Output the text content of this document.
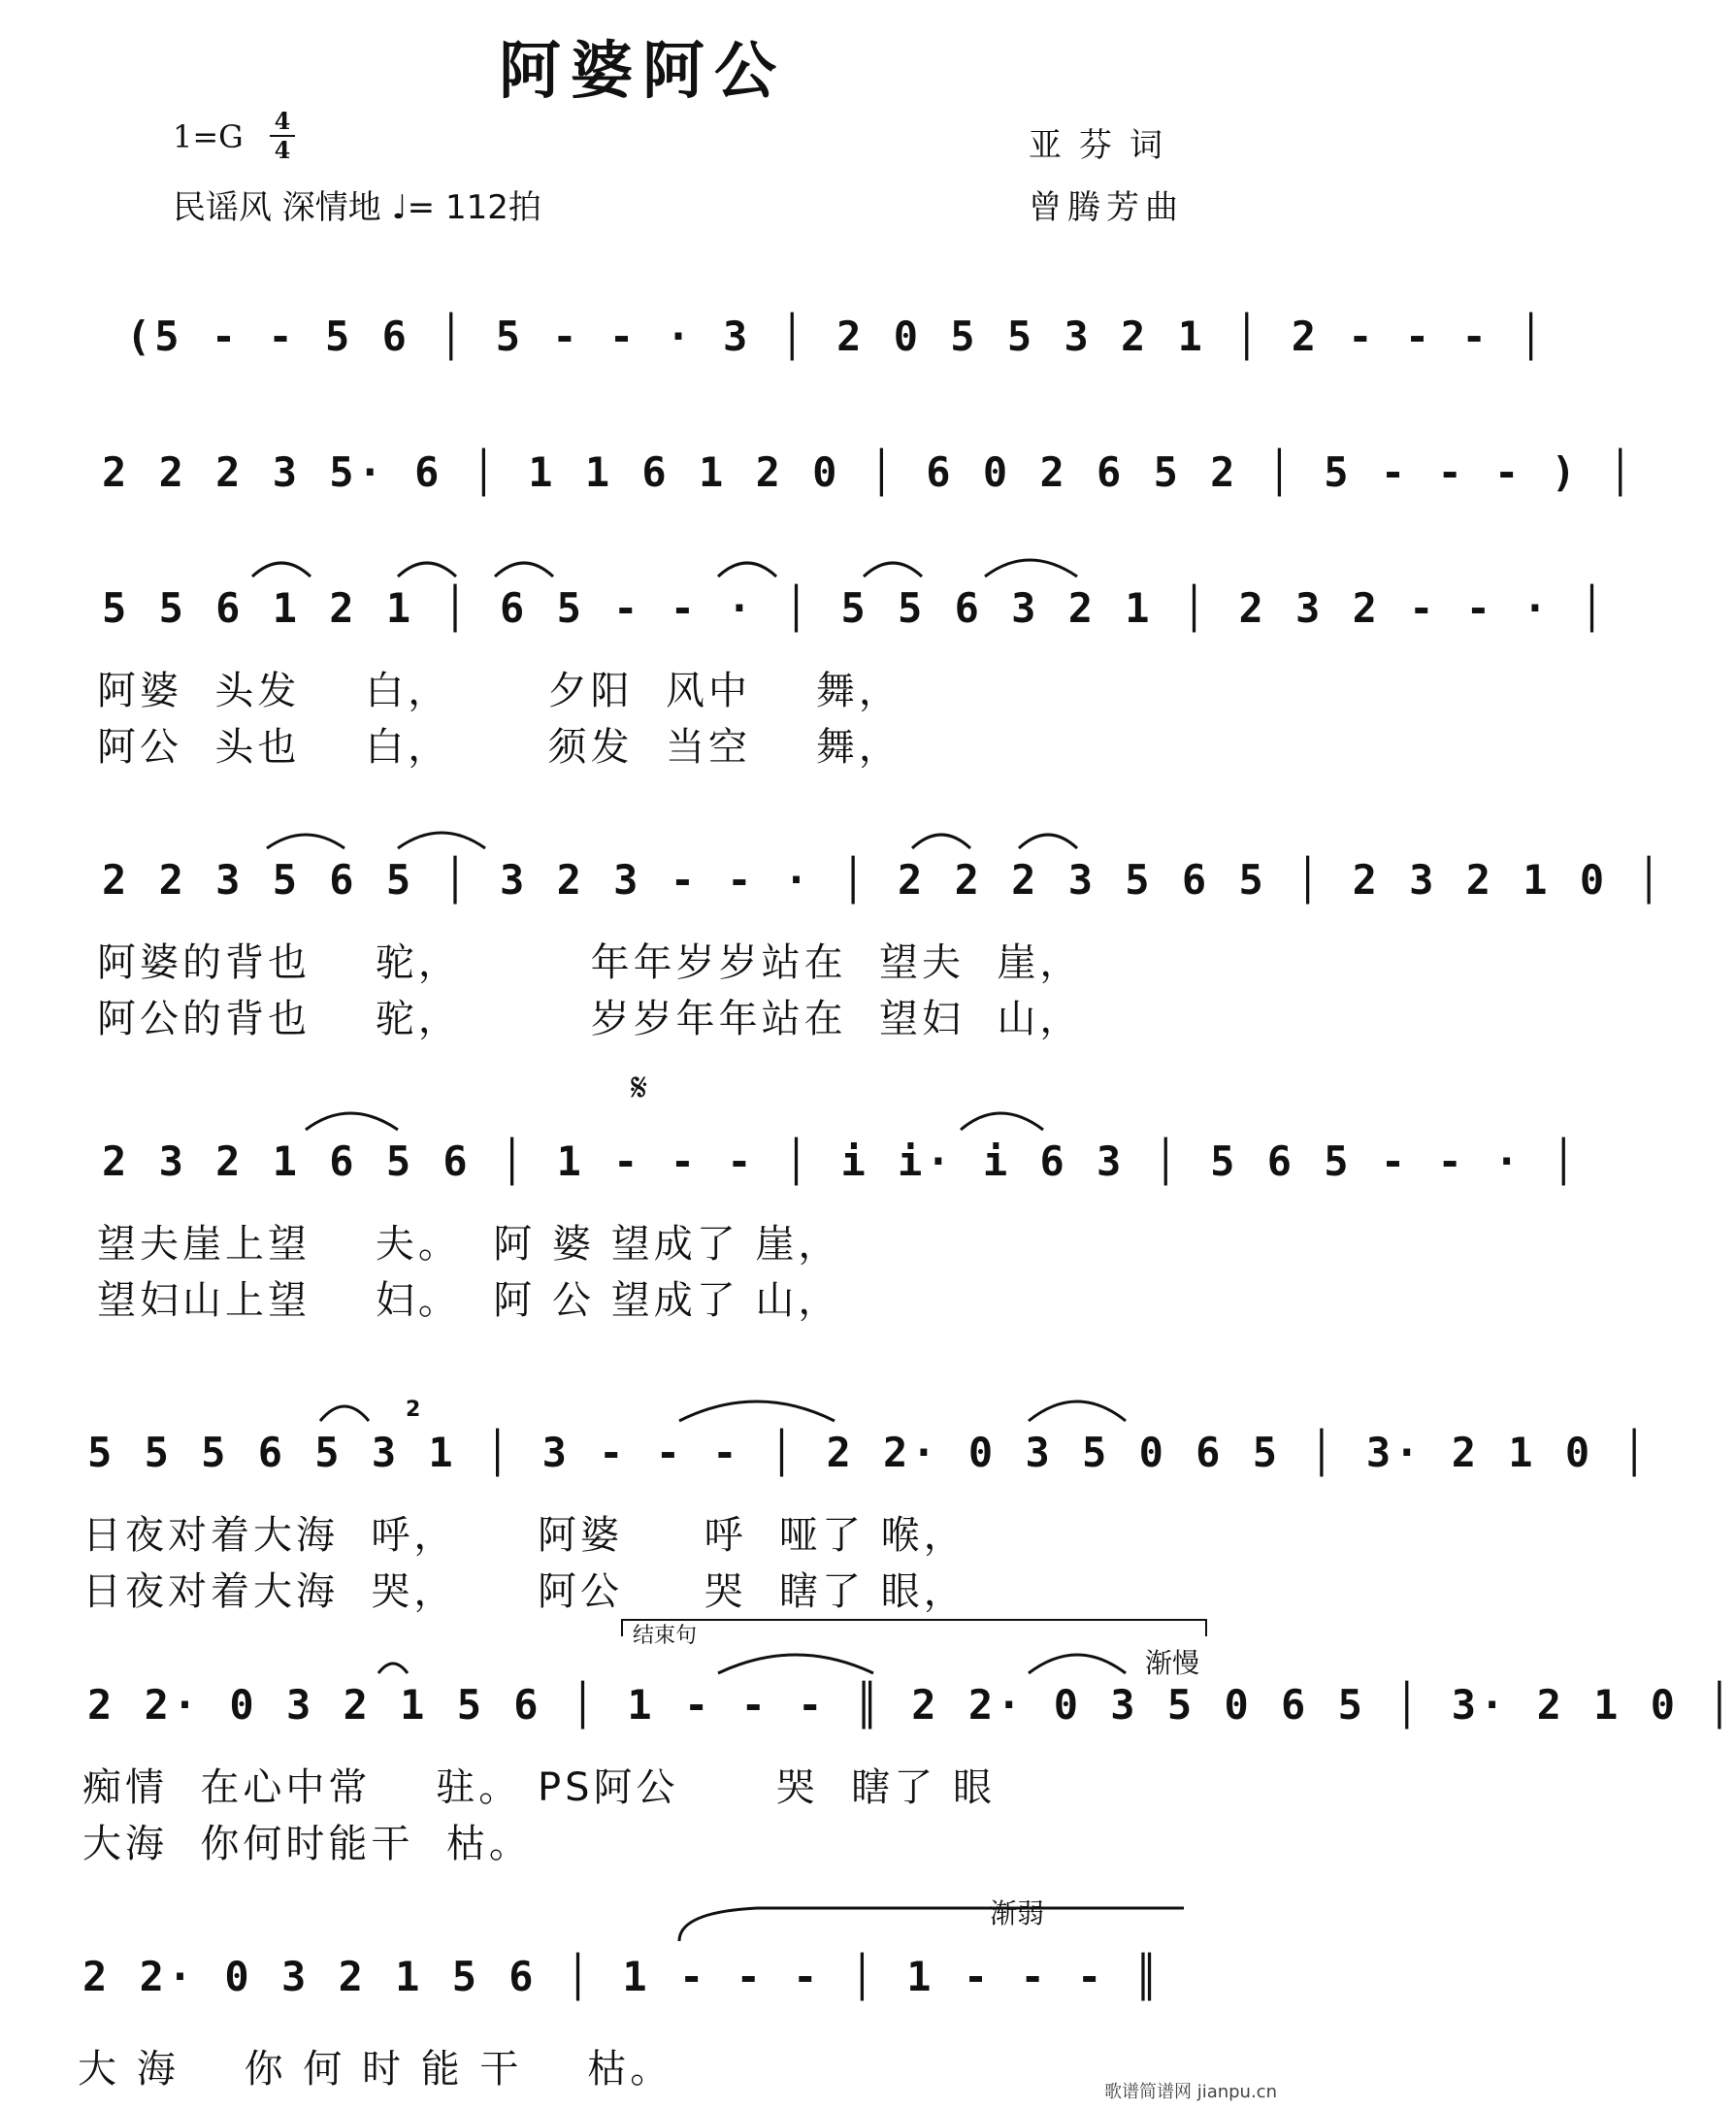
阿婆阿公
1=G 4
4
民谣风 深情地 ♩= 112拍
亚芬词
曾腾芳曲
(5 - - 5 6 │ 5 - - · 3 │ 2 0 5 5 3 2 1 │ 2 - - - │
2 2 2 3 5· 6 │ 1 1 6 1 2 0 │ 6 0 2 6 5 2 │ 5 - - - ) │
5 5 6 1 2 1 │ 6 5 - - · │ 5 5 6 3 2 1 │ 2 3 2 - - · │
阿婆  头发    白，      夕阳  风中    舞，
阿公  头也    白，      须发  当空    舞，
2 2 3 5 6 5 │ 3 2 3 - - · │ 2 2 2 3 5 6 5 │ 2 3 2 1 0 │
阿婆的背也    驼，        年年岁岁站在  望夫  崖，
阿公的背也    驼，        岁岁年年站在  望妇  山，
𝄋
2 3 2 1 6 5 6 │ 1 - - - │ i i· i 6 3 │ 5 6 5 - - · │
望夫崖上望    夫。  阿 婆 望成了 崖，
望妇山上望    妇。  阿 公 望成了 山，
2
5 5 5 6 5 3 1 │ 3 - - - │ 2 2· 0 3 5 0 6 5 │ 3· 2 1 0 │
日夜对着大海  呼，     阿婆     呼  哑了 喉，
日夜对着大海  哭，     阿公     哭  瞎了 眼，
结束句
渐慢
2 2· 0 3 2 1 5 6 │ 1 - - - ║ 2 2· 0 3 5 0 6 5 │ 3· 2 1 0 │
痴情  在心中常    驻。 PS阿公      哭  瞎了 眼
大海  你何时能干  枯。
渐弱
2 2· 0 3 2 1 5 6 │ 1 - - - │ 1 - - - ║
大 海    你 何 时 能 干    枯。
歌谱简谱网 jianpu.cn
